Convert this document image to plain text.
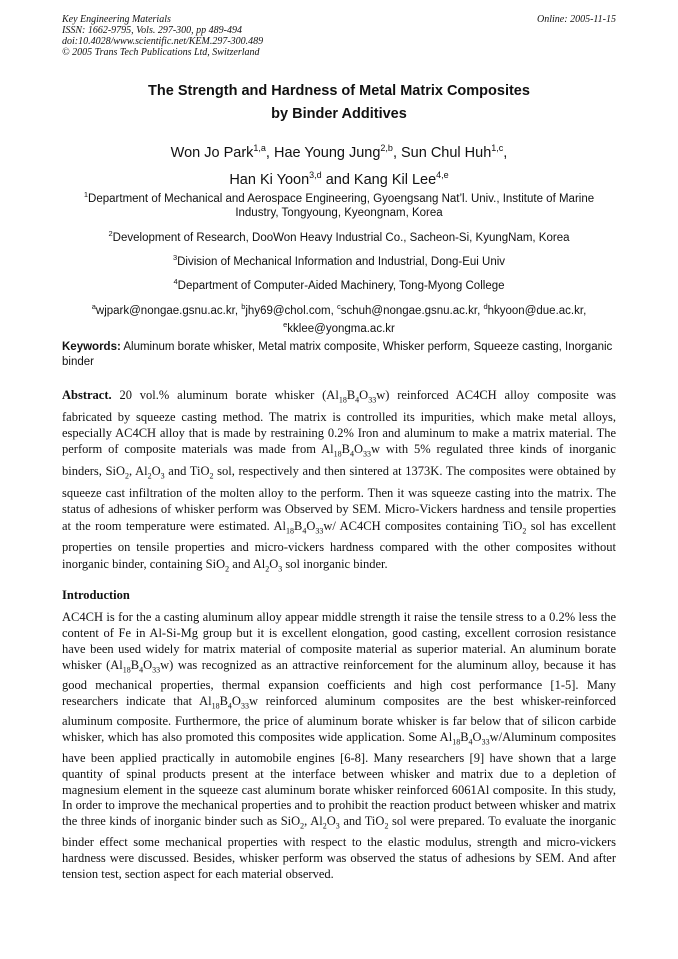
Key Engineering Materials
ISSN: 1662-9795, Vols. 297-300, pp 489-494
doi:10.4028/www.scientific.net/KEM.297-300.489
© 2005 Trans Tech Publications Ltd, Switzerland
Online: 2005-11-15
The Strength and Hardness of Metal Matrix Composites
by Binder Additives
Won Jo Park$^{1,a}$, Hae Young Jung$^{2,b}$, Sun Chul Huh$^{1,c}$,
Han Ki Yoon$^{3,d}$ and Kang Kil Lee$^{4,e}$

$^1$Department of Mechanical and Aerospace Engineering, Gyoengsang Nat’l. Univ., Institute of Marine Industry, Tongyoung, Kyeongnam, Korea

$^2$Development of Research, DooWon Heavy Industrial Co., Sacheon-Si, KyungNam, Korea

$^3$Division of Mechanical Information and Industrial, Dong-Eui Univ

$^4$Department of Computer-Aided Machinery, Tong-Myong College

$^a$wjpark@nongae.gsnu.ac.kr, $^b$jhy69@chol.com, $^c$schuh@nongae.gsnu.ac.kr, $^d$hkyoon@due.ac.kr,
$^e$kklee@yongma.ac.kr

Keywords: Aluminum borate whisker, Metal matrix composite, Whisker perform, Squeeze casting, Inorganic binder
Abstract. 20 vol.% aluminum borate whisker $(Al_{18}B_4O_{33}w)$ reinforced AC4CH alloy composite was fabricated by squeeze casting method. The matrix is controlled its impurities, which make metal alloys, especially AC4CH alloy that is made by restraining 0.2% Iron and aluminum to make a matrix material. The perform of composite materials was made from $Al_{18}B_4O_{33}w$ with 5% regulated three kinds of inorganic binders, SiO$_2$, $Al_2O_3$ and TiO$_2$ sol, respectively and then sintered at 1373K. The composites were obtained by squeeze cast infiltration of the molten alloy to the perform. Then it was squeeze casting into the matrix. The status of adhesions of whisker perform was Observed by SEM. Micro-Vickers hardness and tensile properties at the room temperature were estimated. $Al_{18}B_4O_{33}w/$ AC4CH composites containing TiO$_2$ sol has excellent properties on tensile properties and micro-vickers hardness compared with the other composites without inorganic binder, containing SiO$_2$ and $Al_2O_3$ sol inorganic binder.
Introduction
AC4CH is for the a casting aluminum alloy appear middle strength it raise the tensile stress to a 0.2% less the content of Fe in Al-Si-Mg group but it is excellent elongation, good casting, excellent corrosion resistance have been used widely for matrix material of composite material as superior material. An aluminum borate whisker $(Al_{18}B_4O_{33}w)$ was recognized as an attractive reinforcement for the aluminum alloy, because it has good mechanical properties, thermal expansion coefficients and high cost performance [1-5]. Many researchers indicate that $Al_{18}B_4O_{33}w$ reinforced aluminum composites are the best whisker-reinforced aluminum composite. Furthermore, the price of aluminum borate whisker is far below that of silicon carbide whisker, which has also promoted this composites wide application. Some $Al_{18}B_4O_{33}w$/Aluminum composites have been applied practically in automobile engines [6-8]. Many researchers [9] have shown that a large quantity of spinal products present at the interface between whisker and matrix due to a depletion of magnesium element in the squeeze cast aluminum borate whisker reinforced 6061Al composite. In this study, In order to improve the mechanical properties and to prohibit the reaction product between whisker and matrix the three kinds of inorganic binder such as SiO$_2$, $Al_2O_3$ and TiO$_2$ sol were prepared. To evaluate the inorganic binder effect some mechanical properties with respect to the elastic modulus, strength and micro-vickers hardness were discussed. Besides, whisker perform was observed the status of adhesions by SEM. And after tension test, section aspect for each material observed.
